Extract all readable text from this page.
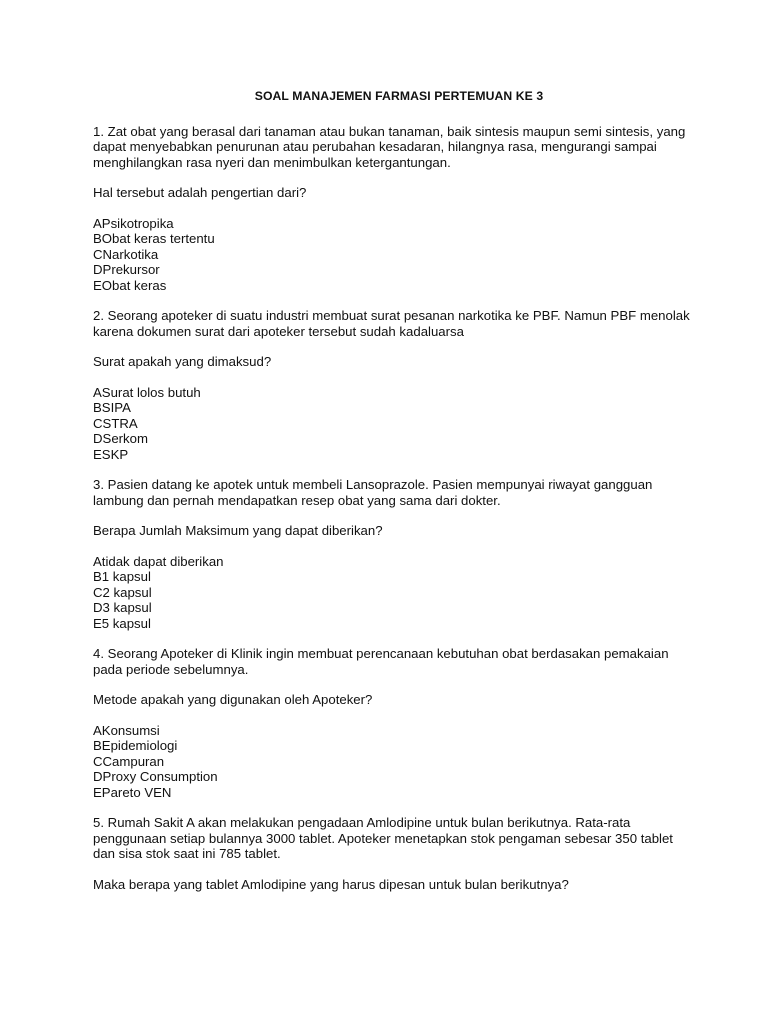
SOAL MANAJEMEN FARMASI PERTEMUAN KE 3

1. Zat obat yang berasal dari tanaman atau bukan tanaman, baik sintesis maupun semi sintesis, yang dapat menyebabkan penurunan atau perubahan kesadaran, hilangnya rasa, mengurangi sampai menghilangkan rasa nyeri dan menimbulkan ketergantungan.

Hal tersebut adalah pengertian dari?

APsikotropika
BObat keras tertentu
CNarkotika
DPrekursor
EObat keras

2. Seorang apoteker di suatu industri membuat surat pesanan narkotika ke PBF. Namun PBF menolak karena dokumen surat dari apoteker tersebut sudah kadaluarsa

Surat apakah yang dimaksud?

ASurat lolos butuh
BSIPA
CSTRA
DSerkom
ESKP

3. Pasien datang ke apotek untuk membeli Lansoprazole. Pasien mempunyai riwayat gangguan lambung dan pernah mendapatkan resep obat yang sama dari dokter.

Berapa Jumlah Maksimum yang dapat diberikan?

Atidak dapat diberikan
B1 kapsul
C2 kapsul
D3 kapsul
E5 kapsul

4. Seorang Apoteker di Klinik ingin membuat perencanaan kebutuhan obat berdasakan pemakaian pada periode sebelumnya.

Metode apakah yang digunakan oleh Apoteker?

AKonsumsi
BEpidemiologi
CCampuran
DProxy Consumption
EPareto VEN

5. Rumah Sakit A akan melakukan pengadaan Amlodipine untuk bulan berikutnya. Rata-rata penggunaan setiap bulannya 3000 tablet. Apoteker menetapkan stok pengaman sebesar 350 tablet dan sisa stok saat ini 785 tablet.

Maka berapa yang tablet Amlodipine yang harus dipesan untuk bulan berikutnya?
